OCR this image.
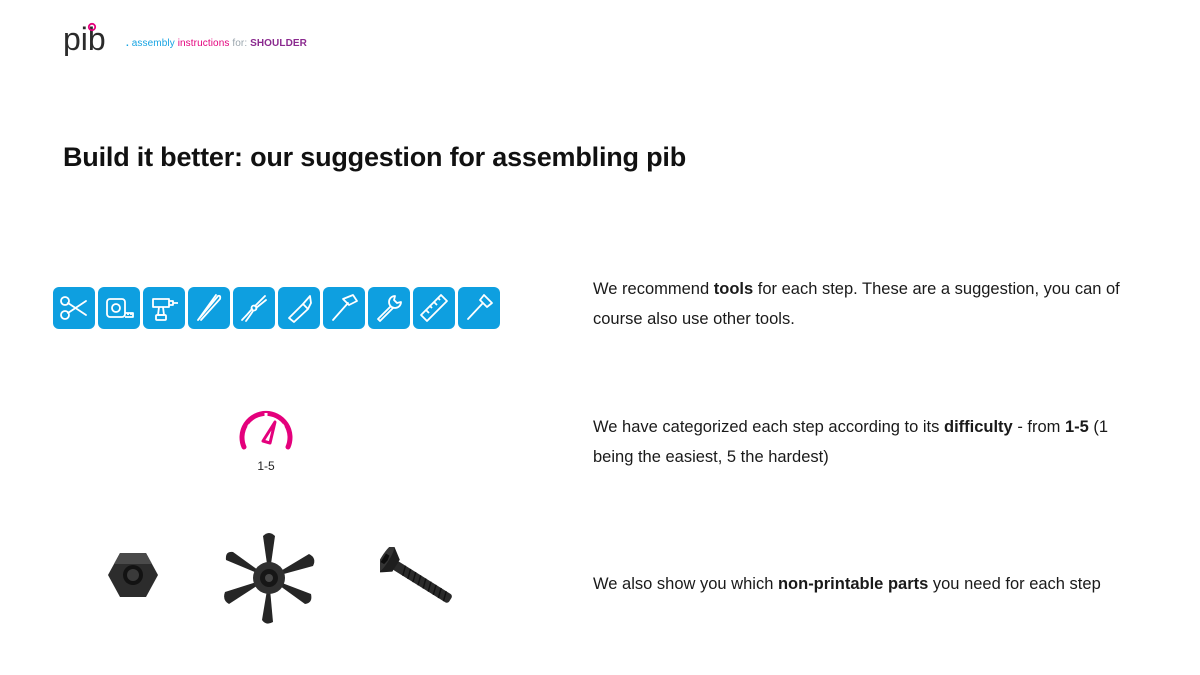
pib . assembly instructions for: SHOULDER
Build it better: our suggestion for assembling pib
1-5

We recommend tools for each step. These are a suggestion, you can of course also use other tools.

We have categorized each step according to its difficulty - from 1-5 (1 being the easiest, 5 the hardest)

We also show you which non-printable parts you need for each step
